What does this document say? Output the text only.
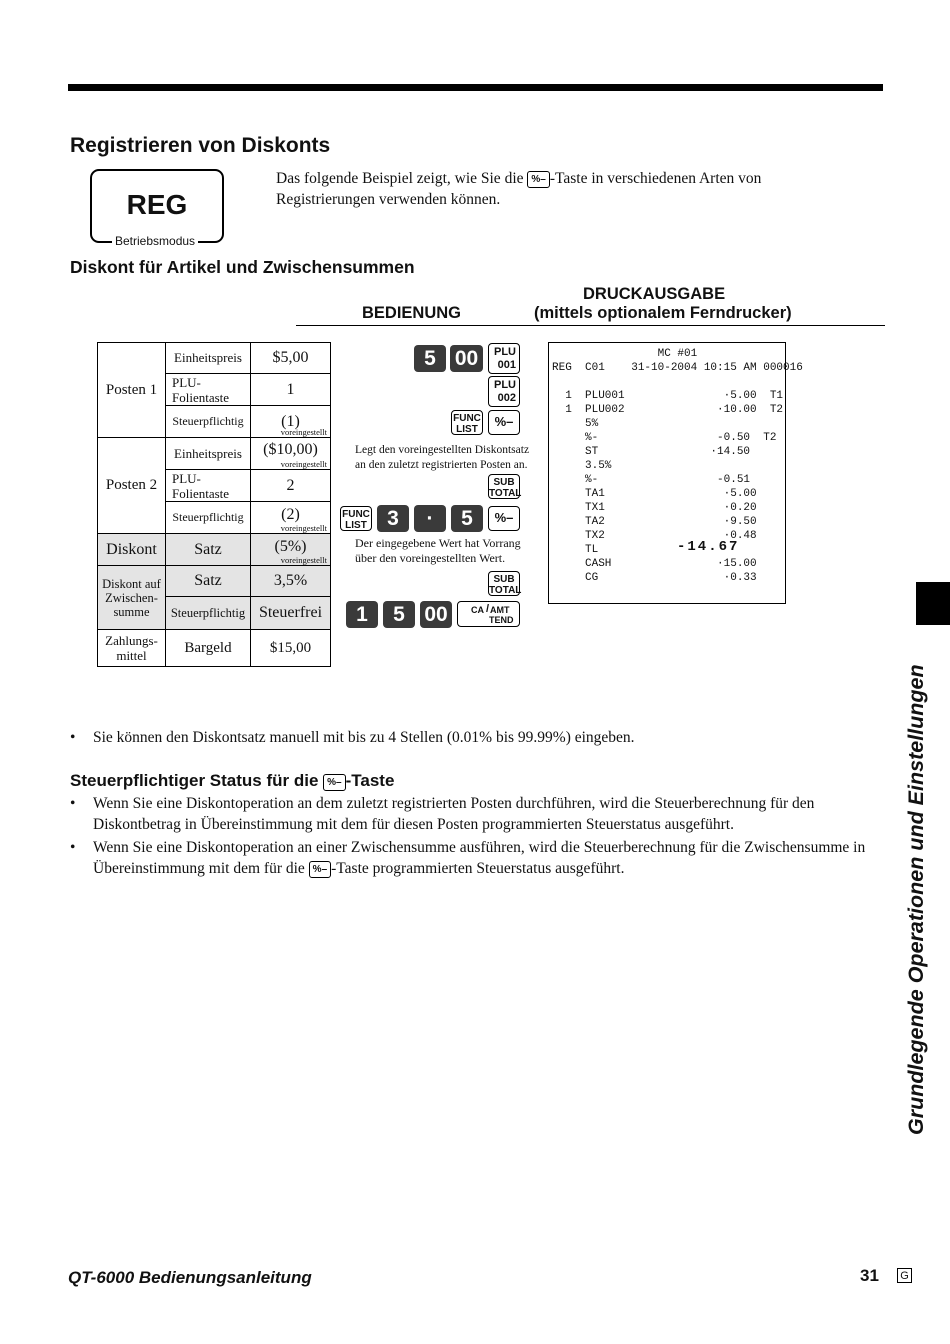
Registrieren von Diskonts
REG
Betriebsmodus
Das folgende Beispiel zeigt, wie Sie die %– -Taste in verschiedenen Arten von Registrierungen verwenden können.
Diskont für Artikel und Zwischensummen
DRUCKAUSGABE
BEDIENUNG	(mittels optionalem Ferndrucker)
Posten 1	Einheitspreis	$5,00
	PLU-
Folientaste	1
	Steuerpflichtig	(1)
voreingestellt

Posten 2	Einheitspreis	($10,00)
voreingestellt

	PLU-
Folientaste	2
	Steuerpflichtig	(2)
voreingestellt

Diskont	Satz	(5%)
voreingestellt

Diskont auf
Zwischen-
summe	Satz	3,5%
	Steuerpflichtig	Steuerfrei
Zahlungs-
mittel	Bargeld	$15,00
5 00	PLU
001
PLU
002
FUNC
LIST
%–
Legt den voreingestellten Diskontsatz
an den zuletzt registrierten Posten an.
SUB
TOTAL
FUNC
LIST 3	·	5	%–
Der eingegebene Wert hat Vorrang
über den voreingestellten Wert.
SUB
TOTAL
1	5 00	CA / AMT
TEND
MC #01
REG  C01    31-10-2004 10:15 AM 000016
1  PLU001               ·5.00  T1
1  PLU002              ·10.00  T2
5%
%-                  -0.50  T2
ST                 ·14.50
3.5%
%-                  -0.51
TA1                  ·5.00
TX1                  ·0.20
TA2                  ·9.50
TX2                  ·0.48
TL	-14.67
CASH                ·15.00
CG                   ·0.33
• Sie können den Diskontsatz manuell mit bis zu 4 Stellen (0.01% bis 99.99%) eingeben.
Steuerpflichtiger Status für die %– -Taste
• Wenn Sie eine Diskontoperation an dem zuletzt registrierten Posten durchführen, wird die Steuerberechnung für den Diskontbetrag in Übereinstimmung mit dem für diesen Posten programmierten Steuerstatus ausgeführt.
• Wenn Sie eine Diskontoperation an einer Zwischensumme ausführen, wird die Steuerberechnung für die Zwischensumme in Übereinstimmung mit dem für die %– -Taste programmierten Steuerstatus ausgeführt.	Grundlegende Operationen und Einstellungen
QT-6000 Bedienungsanleitung	31 G
